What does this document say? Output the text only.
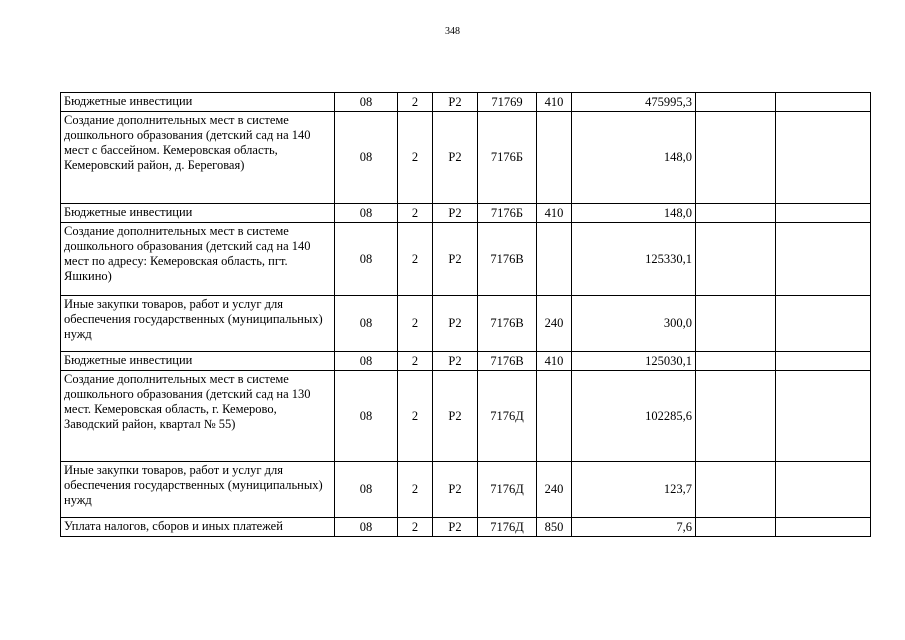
348
Бюджетные инвестиции	08	2	P2	71769	410	475995,3		
Создание дополнительных мест в системе дошкольного образования (детский сад на 140 мест с бассейном. Кемеровская область, Кемеровский район, д. Береговая)	08	2	P2	7176Б		148,0		
Бюджетные инвестиции	08	2	P2	7176Б	410	148,0		
Создание дополнительных мест в системе дошкольного образования (детский сад на 140 мест по адресу: Кемеровская область, пгт. Яшкино)	08	2	P2	7176В		125330,1		
Иные закупки товаров, работ и услуг для обеспечения государственных (муниципальных) нужд	08	2	P2	7176В	240	300,0		
Бюджетные инвестиции	08	2	P2	7176В	410	125030,1		
Создание дополнительных мест в системе дошкольного образования (детский сад на 130 мест. Кемеровская область, г. Кемерово, Заводский район, квартал № 55)	08	2	P2	7176Д		102285,6		
Иные закупки товаров, работ и услуг для обеспечения государственных (муниципальных) нужд	08	2	P2	7176Д	240	123,7		
Уплата налогов, сборов и иных платежей	08	2	P2	7176Д	850	7,6		
